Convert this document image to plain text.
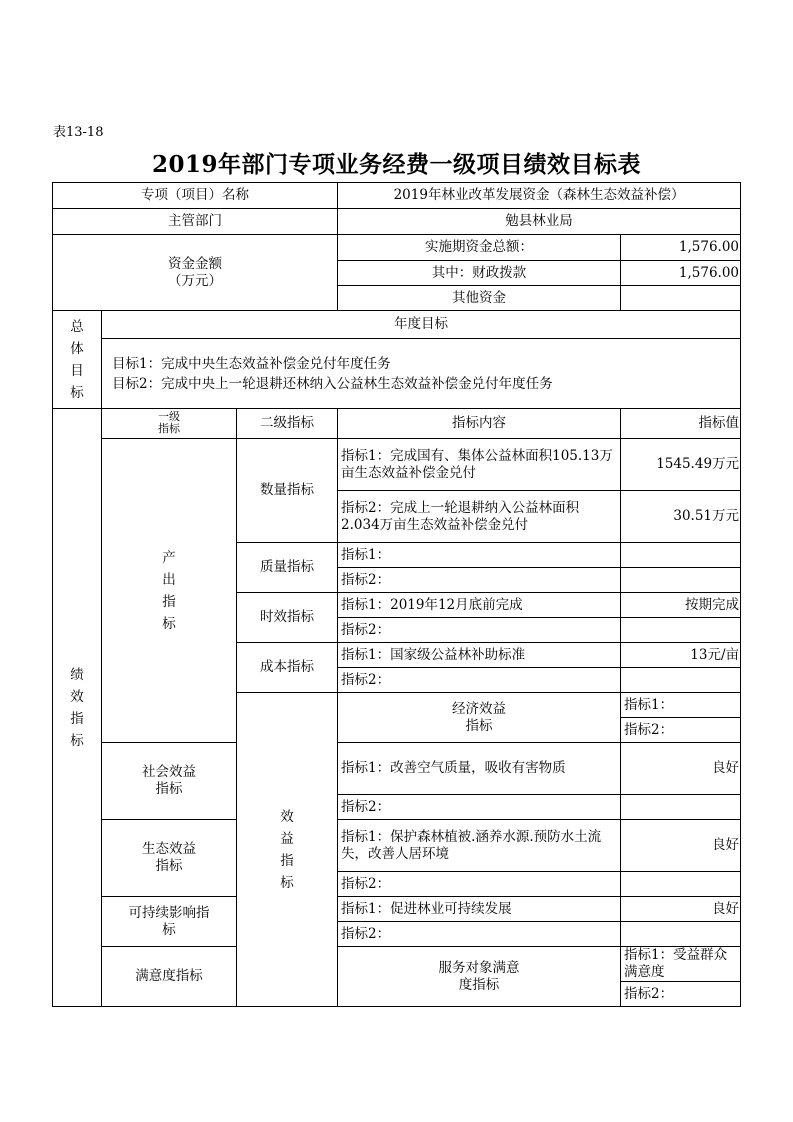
表13-18
2019年部门专项业务经费一级项目绩效目标表
专项（项目）名称			2019年林业改革发展资金（森林生态效益补偿）		
主管部门			勉县林业局		

资金金额
（万元）			实施期资金总额：	1,576.00	
			其中：财政拨款	1,576.00	
			其他资金		
总体目标	年度目标				

	目标1：完成中央生态效益补偿金兑付年度任务
目标2：完成中央上一轮退耕还林纳入公益林生态效益补偿金兑付年度任务				

绩效指标	一级指标	二级指标	指标内容	指标值	
	产出指标	数量指标	指标1：完成国有、集体公益林面积105.13万亩生态效益补偿金兑付	1545.49万元	
			指标2：完成上一轮退耕纳入公益林面积2.034万亩生态效益补偿金兑付	30.51万元	
		质量指标	指标1：		
			指标2：		
		时效指标	指标1：2019年12月底前完成	按期完成	
			指标2：		
		成本指标	指标1：国家级公益林补助标准	13元/亩	
			指标2：		
		效益指标	经济效益指标	指标1：	
				指标2：	
	社会效益指标		指标1：改善空气质量，吸收有害物质	良好	
			指标2：		
	生态效益指标		指标1：保护森林植被.涵养水源.预防水土流失，改善人居环境	良好	
			指标2：		
	可持续影响指标		指标1：促进林业可持续发展	良好	
			指标2：		
	满意度指标		服务对象满意度指标	指标1：受益群众满意度	
				指标2：	
